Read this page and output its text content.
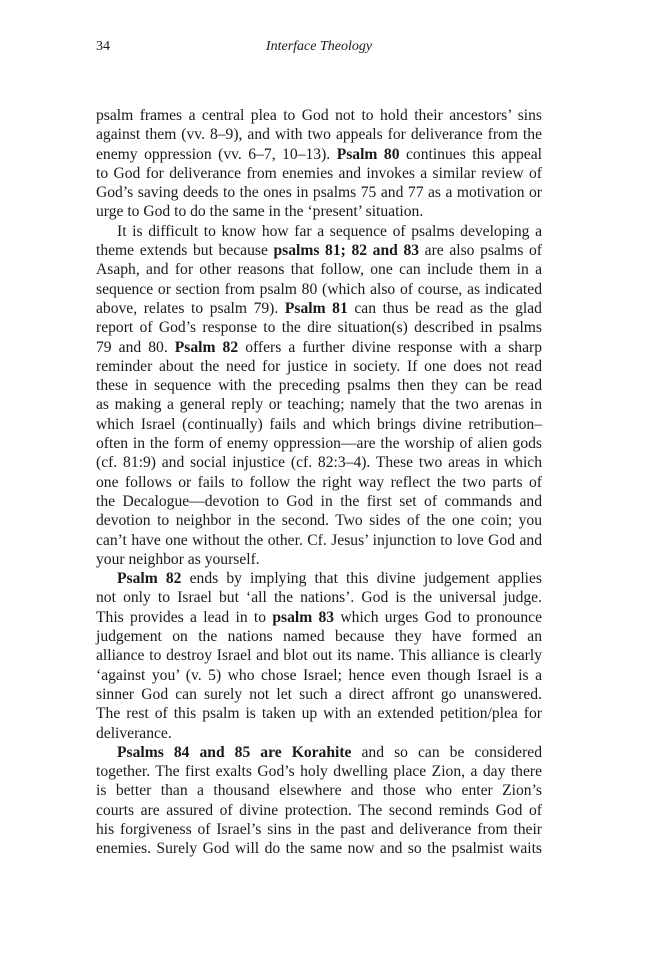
34	Interface Theology
psalm frames a central plea to God not to hold their ancestors’ sins
against them (vv. 8–9), and with two appeals for deliverance from the
enemy oppression (vv. 6–7, 10–13). Psalm 80 continues this appeal
to God for deliverance from enemies and invokes a similar review of
God’s saving deeds to the ones in psalms 75 and 77 as a motivation or
urge to God to do the same in the ‘present’ situation.
It is difficult to know how far a sequence of psalms developing a
theme extends but because psalms 81; 82 and 83 are also psalms of
Asaph, and for other reasons that follow, one can include them in a
sequence or section from psalm 80 (which also of course, as indicated
above, relates to psalm 79). Psalm 81 can thus be read as the glad
report of God’s response to the dire situation(s) described in psalms
79 and 80. Psalm 82 offers a further divine response with a sharp
reminder about the need for justice in society. If one does not read
these in sequence with the preceding psalms then they can be read
as making a general reply or teaching; namely that the two arenas in
which Israel (continually) fails and which brings divine retribution–
often in the form of enemy oppression—are the worship of alien gods
(cf. 81:9) and social injustice (cf. 82:3–4). These two areas in which
one follows or fails to follow the right way reflect the two parts of
the Decalogue—devotion to God in the first set of commands and
devotion to neighbor in the second. Two sides of the one coin; you
can’t have one without the other. Cf. Jesus’ injunction to love God and
your neighbor as yourself.
Psalm 82 ends by implying that this divine judgement applies
not only to Israel but ‘all the nations’. God is the universal judge.
This provides a lead in to psalm 83 which urges God to pronounce
judgement on the nations named because they have formed an
alliance to destroy Israel and blot out its name. This alliance is clearly
‘against you’ (v. 5) who chose Israel; hence even though Israel is a
sinner God can surely not let such a direct affront go unanswered.
The rest of this psalm is taken up with an extended petition/plea for
deliverance.
Psalms 84 and 85 are Korahite and so can be considered
together. The first exalts God’s holy dwelling place Zion, a day there
is better than a thousand elsewhere and those who enter Zion’s
courts are assured of divine protection. The second reminds God of
his forgiveness of Israel’s sins in the past and deliverance from their
enemies. Surely God will do the same now and so the psalmist waits
